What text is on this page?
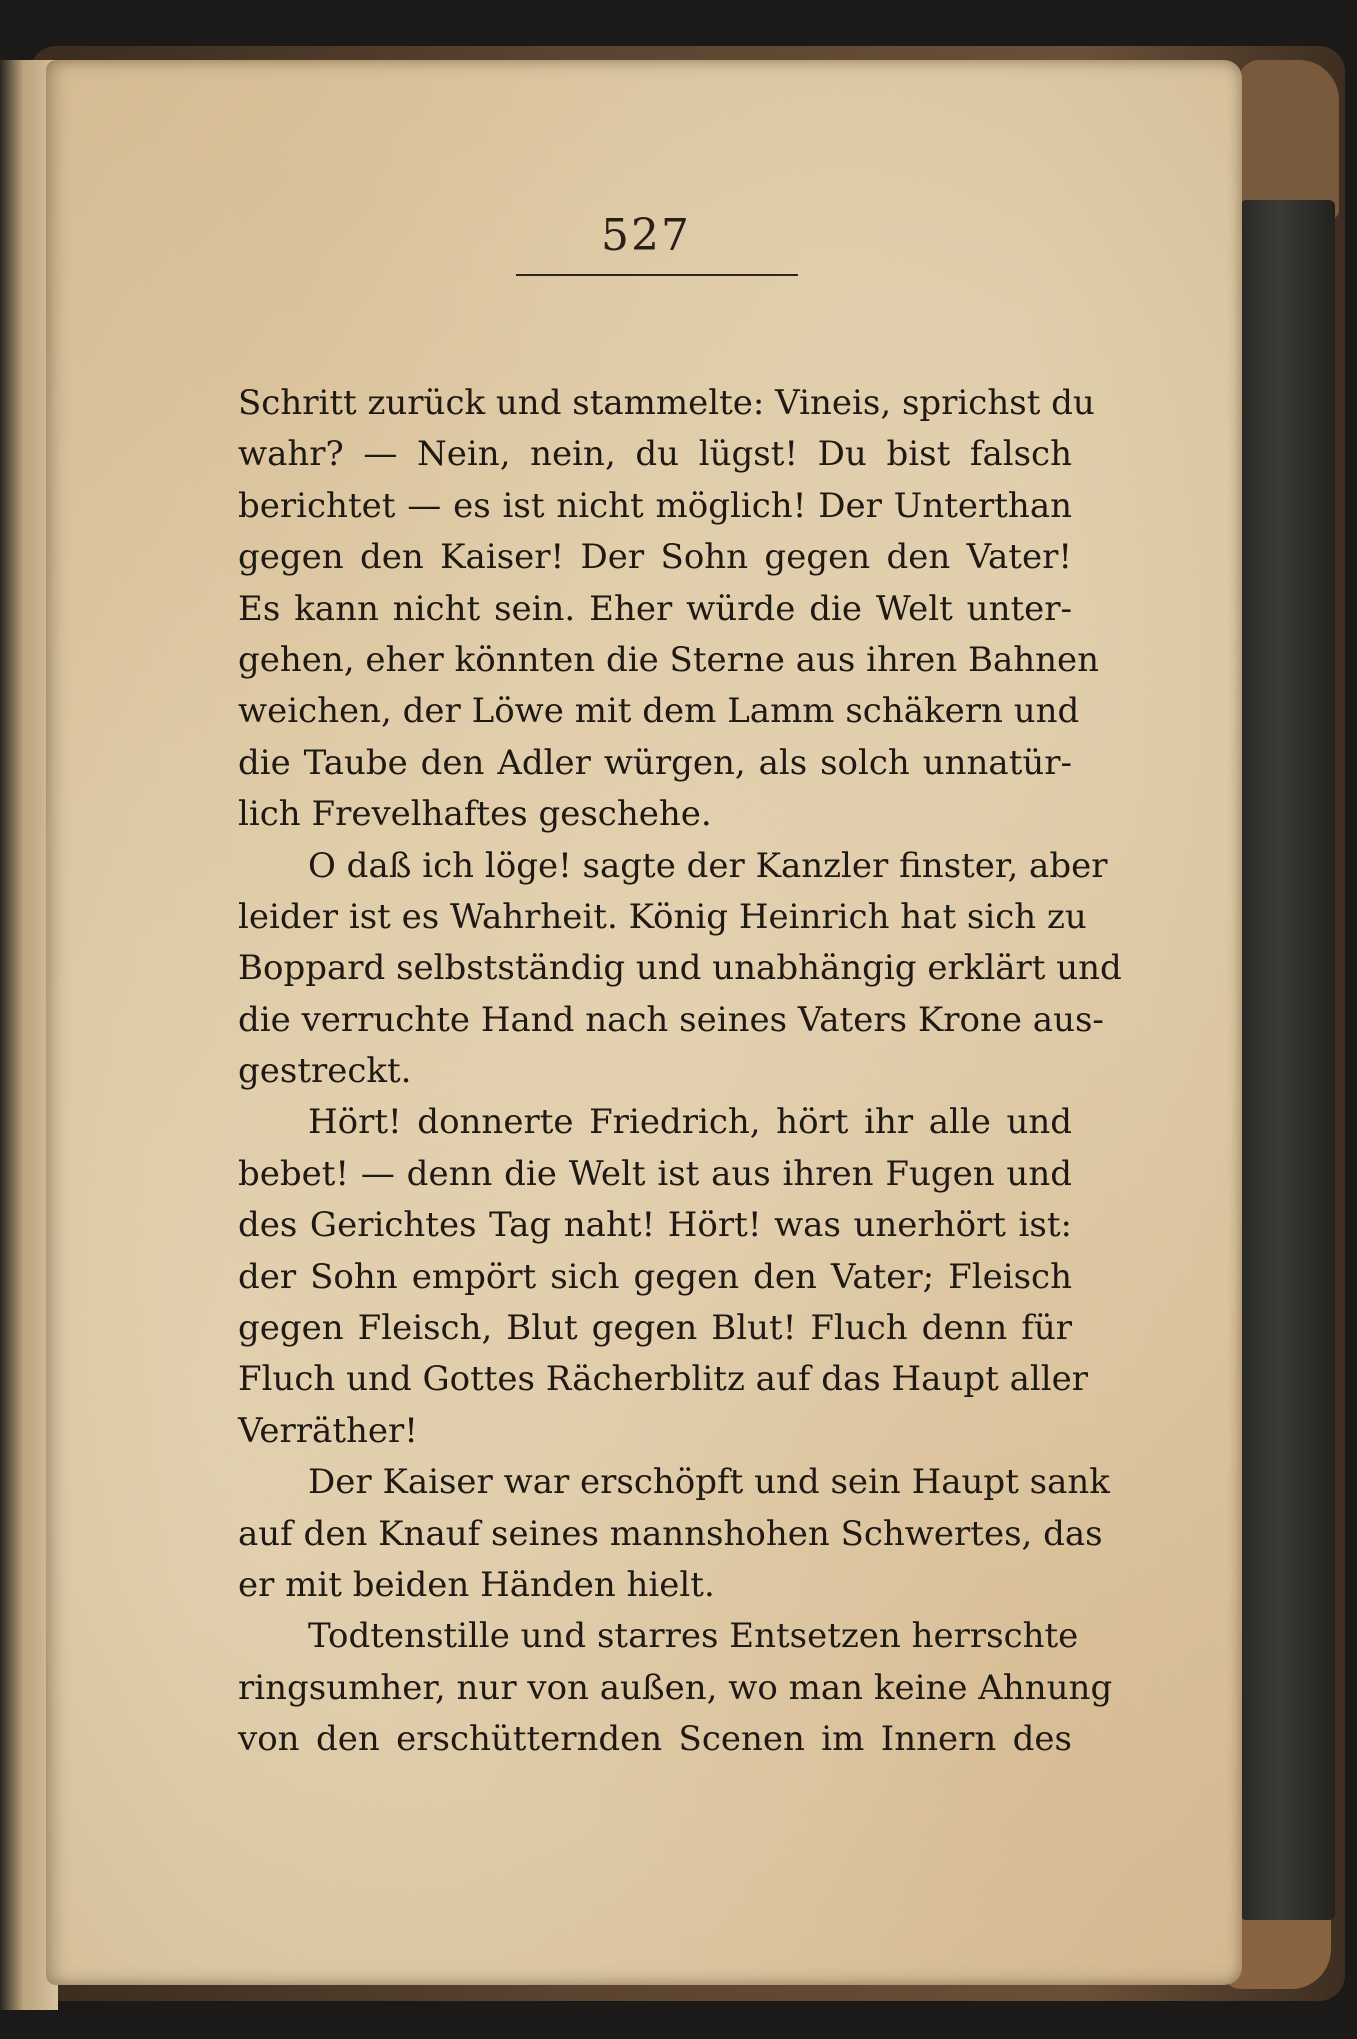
527
Schritt zurück und stammelte: Vineis, sprichst du
wahr? — Nein, nein, du lügst! Du bist falsch
berichtet — es ist nicht möglich! Der Unterthan
gegen den Kaiser! Der Sohn gegen den Vater!
Es kann nicht sein. Eher würde die Welt unter-
gehen, eher könnten die Sterne aus ihren Bahnen
weichen, der Löwe mit dem Lamm schäkern und
die Taube den Adler würgen, als solch unnatür-
lich Frevelhaftes geschehe.
O daß ich löge! sagte der Kanzler finster, aber
leider ist es Wahrheit. König Heinrich hat sich zu
Boppard selbstständig und unabhängig erklärt und
die verruchte Hand nach seines Vaters Krone aus-
gestreckt.
Hört! donnerte Friedrich, hört ihr alle und
bebet! — denn die Welt ist aus ihren Fugen und
des Gerichtes Tag naht! Hört! was unerhört ist:
der Sohn empört sich gegen den Vater; Fleisch
gegen Fleisch, Blut gegen Blut! Fluch denn für
Fluch und Gottes Rächerblitz auf das Haupt aller
Verräther!
Der Kaiser war erschöpft und sein Haupt sank
auf den Knauf seines mannshohen Schwertes, das
er mit beiden Händen hielt.
Todtenstille und starres Entsetzen herrschte
ringsumher, nur von außen, wo man keine Ahnung
von den erschütternden Scenen im Innern des
